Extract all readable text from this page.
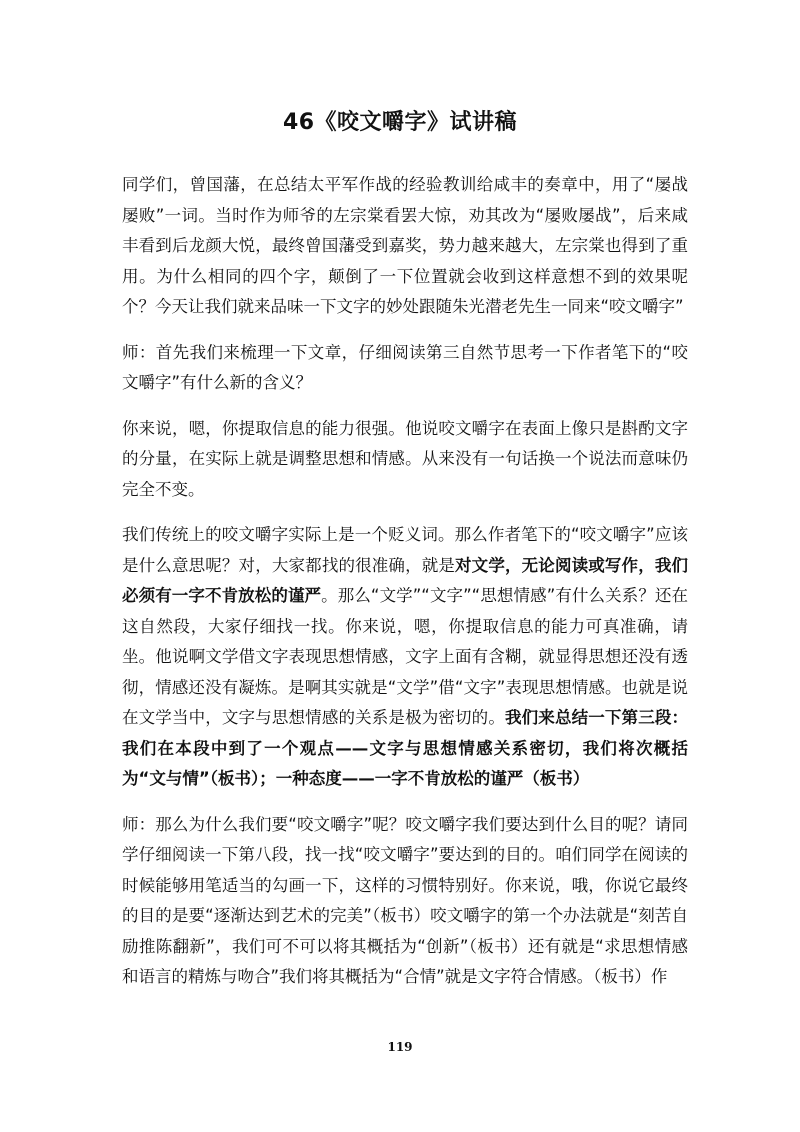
46《咬文嚼字》试讲稿

同学们，曾国藩，在总结太平军作战的经验教训给咸丰的奏章中，用了“屡战屡败”一词。当时作为师爷的左宗棠看罢大惊，劝其改为“屡败屡战”，后来咸丰看到后龙颜大悦，最终曾国藩受到嘉奖，势力越来越大，左宗棠也得到了重用。为什么相同的四个字，颠倒了一下位置就会收到这样意想不到的效果呢个？今天让我们就来品味一下文字的妙处跟随朱光潜老先生一同来“咬文嚼字”

师：首先我们来梳理一下文章，仔细阅读第三自然节思考一下作者笔下的“咬文嚼字”有什么新的含义？

你来说，嗯，你提取信息的能力很强。他说咬文嚼字在表面上像只是斟酌文字的分量，在实际上就是调整思想和情感。从来没有一句话换一个说法而意味仍完全不变。

我们传统上的咬文嚼字实际上是一个贬义词。那么作者笔下的“咬文嚼字”应该是什么意思呢？对，大家都找的很准确，就是对文学，无论阅读或写作，我们必须有一字不肯放松的谨严。那么“文学”“文字”“思想情感”有什么关系？还在这自然段，大家仔细找一找。你来说，嗯，你提取信息的能力可真准确，请坐。他说啊文学借文字表现思想情感，文字上面有含糊，就显得思想还没有透彻，情感还没有凝炼。是啊其实就是“文学”借“文字”表现思想情感。也就是说在文学当中，文字与思想情感的关系是极为密切的。我们来总结一下第三段：我们在本段中到了一个观点——文字与思想情感关系密切，我们将次概括为“文与情”（板书）；一种态度——一字不肯放松的谨严（板书）

师：那么为什么我们要“咬文嚼字”呢？咬文嚼字我们要达到什么目的呢？请同学仔细阅读一下第八段，找一找“咬文嚼字”要达到的目的。咱们同学在阅读的时候能够用笔适当的勾画一下，这样的习惯特别好。你来说，哦，你说它最终的目的是要“逐渐达到艺术的完美”（板书）咬文嚼字的第一个办法就是“刻苦自励推陈翻新”，我们可不可以将其概括为“创新”（板书）还有就是“求思想情感和语言的精炼与吻合”我们将其概括为“合情”就是文字符合情感。（板书）作

119
